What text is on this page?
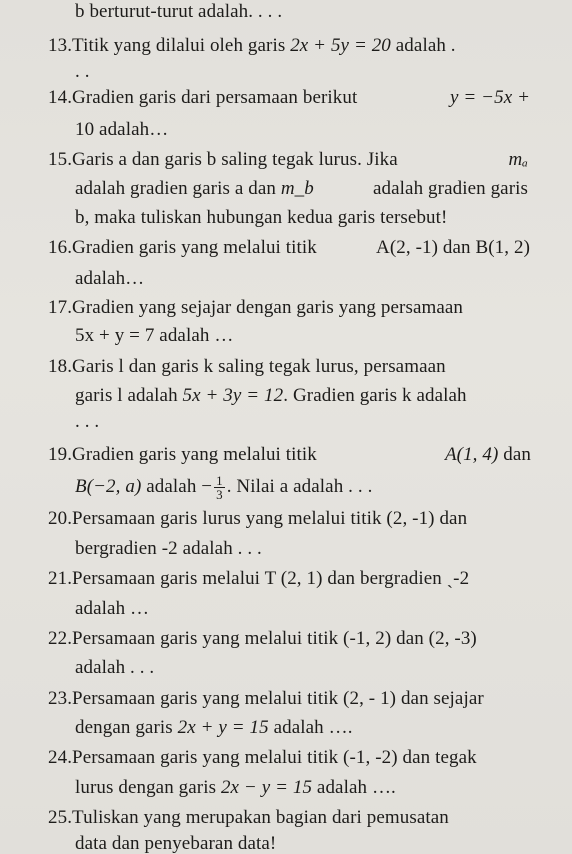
b berturut-turut adalah. . . .
13.Titik yang dilalui oleh garis 2x + 5y = 20 adalah .
. .
14.Gradien garis dari persamaan berikut	y = −5x +
10 adalah…
15.Garis a dan garis b saling tegak lurus. Jika	mₐ
adalah gradien garis a dan m_b	adalah gradien garis
b, maka tuliskan hubungan kedua garis tersebut!
16.Gradien garis yang melalui titik	A(2, -1) dan B(1, 2)
adalah…
17.Gradien yang sejajar dengan garis yang persamaan
5x + y = 7 adalah …
18.Garis l dan garis k saling tegak lurus, persamaan
garis l adalah 5x + 3y = 12. Gradien garis k adalah
. . .
19.Gradien garis yang melalui titik	A(1, 4) dan
B(−2, a) adalah − $\frac{1}{3}$ . Nilai a adalah . . .
20.Persamaan garis lurus yang melalui titik (2, -1) dan
bergradien -2 adalah . . .
21.Persamaan garis melalui T (2, 1) dan bergradien ˎ-2
adalah …
22.Persamaan garis yang melalui titik (-1, 2) dan (2, -3)
adalah . . .
23.Persamaan garis yang melalui titik (2, - 1) dan sejajar
dengan garis 2x + y = 15 adalah ….
24.Persamaan garis yang melalui titik (-1, -2) dan tegak
lurus dengan garis 2x − y = 15 adalah ….
25.Tuliskan yang merupakan bagian dari pemusatan
data dan penyebaran data!
